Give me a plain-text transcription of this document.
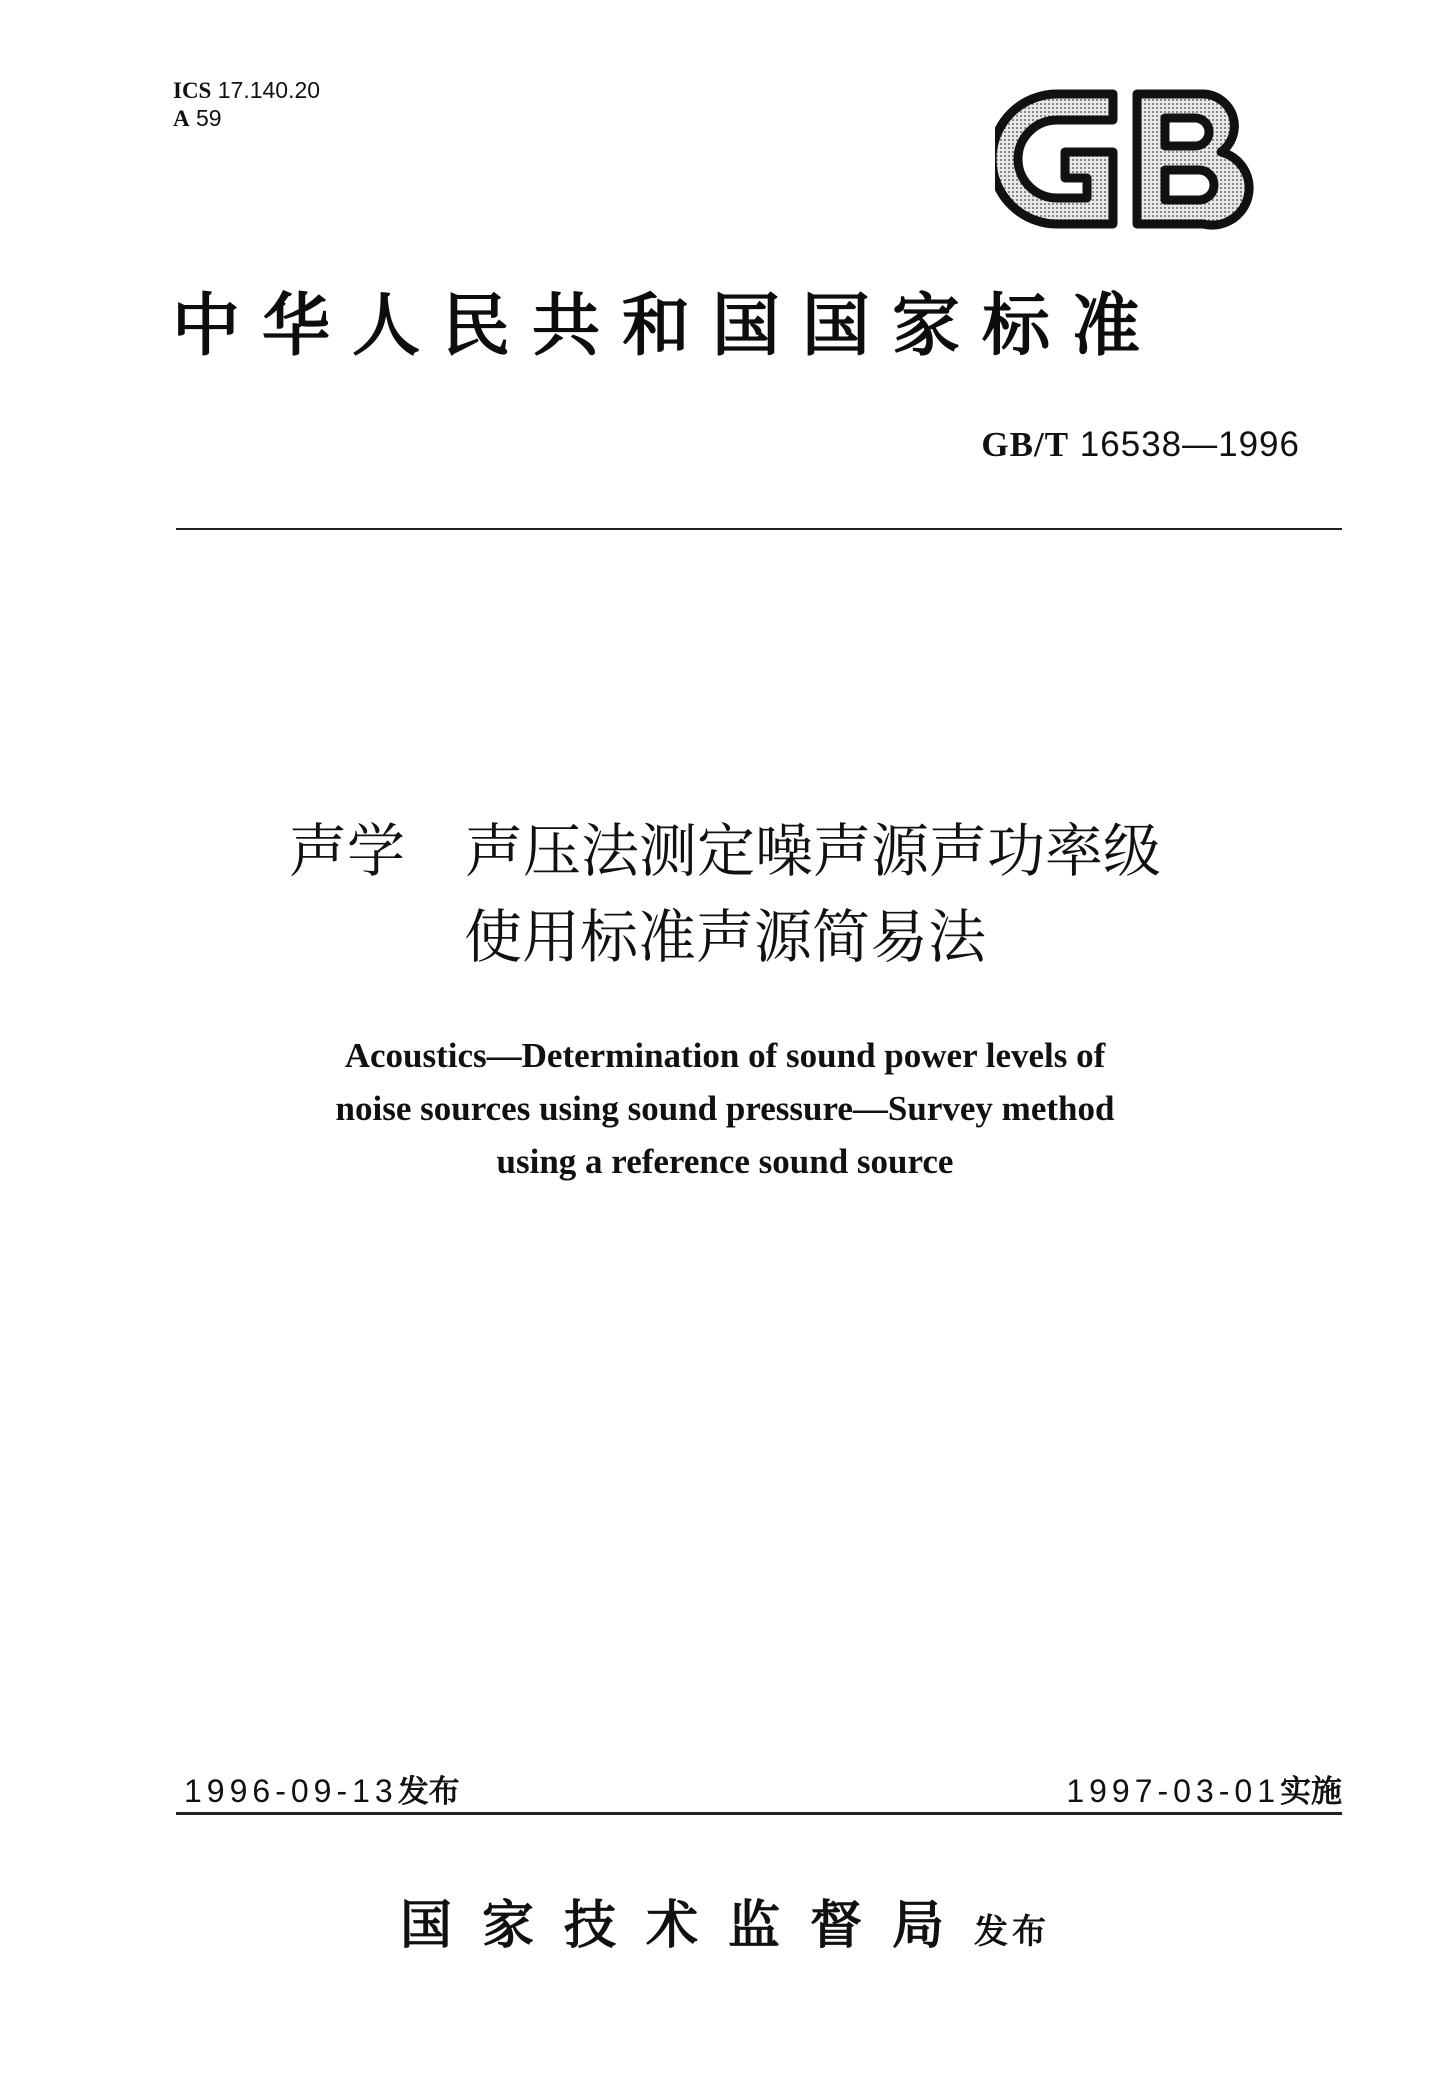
ICS 17.140.20
A 59
中华人民共和国国家标准
GB/T 16538—1996
声学 声压法测定噪声源声功率级
使用标准声源简易法
Acoustics—Determination of sound power levels of
noise sources using sound pressure—Survey method
using a reference sound source
1996-09-13发布	1997-03-01实施
国家技术监督局发布
